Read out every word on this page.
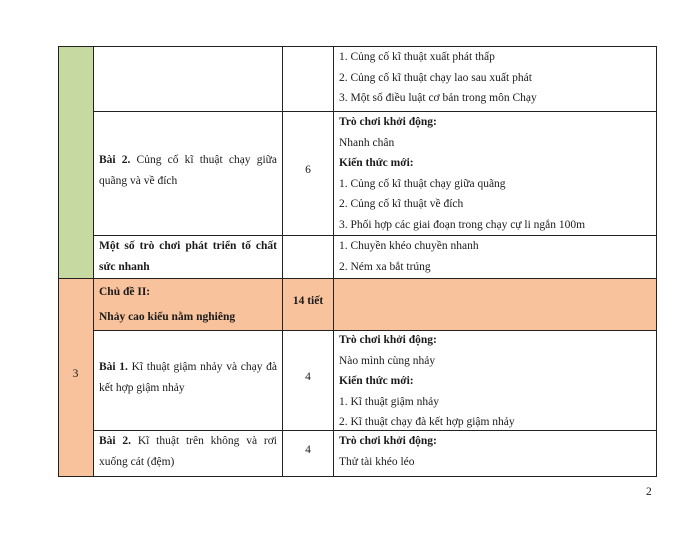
1. Củng cố kĩ thuật xuất phát thấp
2. Củng cố kĩ thuật chạy lao sau xuất phát
3. Một số điều luật cơ bản trong môn Chạy
Bài 2. Củng cố kĩ thuật chạy giữa
quãng và về đích
6
Trò chơi khởi động:
Nhanh chân
Kiến thức mới:
1. Củng cố kĩ thuật chạy giữa quãng
2. Củng cố kĩ thuật về đích
3. Phối hợp các giai đoạn trong chạy cự li ngắn 100m
Một số trò chơi phát triển tố chất
sức nhanh
1. Chuyền khéo chuyền nhanh
2. Ném xa bắt trúng
Chủ đề II:
Nhảy cao kiểu nằm nghiêng
14 tiết
3
Bài 1. Kĩ thuật giậm nhảy và chạy đà
kết hợp giậm nhảy
4
Trò chơi khởi động:
Nào mình cùng nhảy
Kiến thức mới:
1. Kĩ thuật giậm nhảy
2. Kĩ thuật chạy đà kết hợp giậm nhảy
Bài 2. Kĩ thuật trên không và rơi
xuống cát (đệm)
4
Trò chơi khởi động:
Thử tài khéo léo
2
